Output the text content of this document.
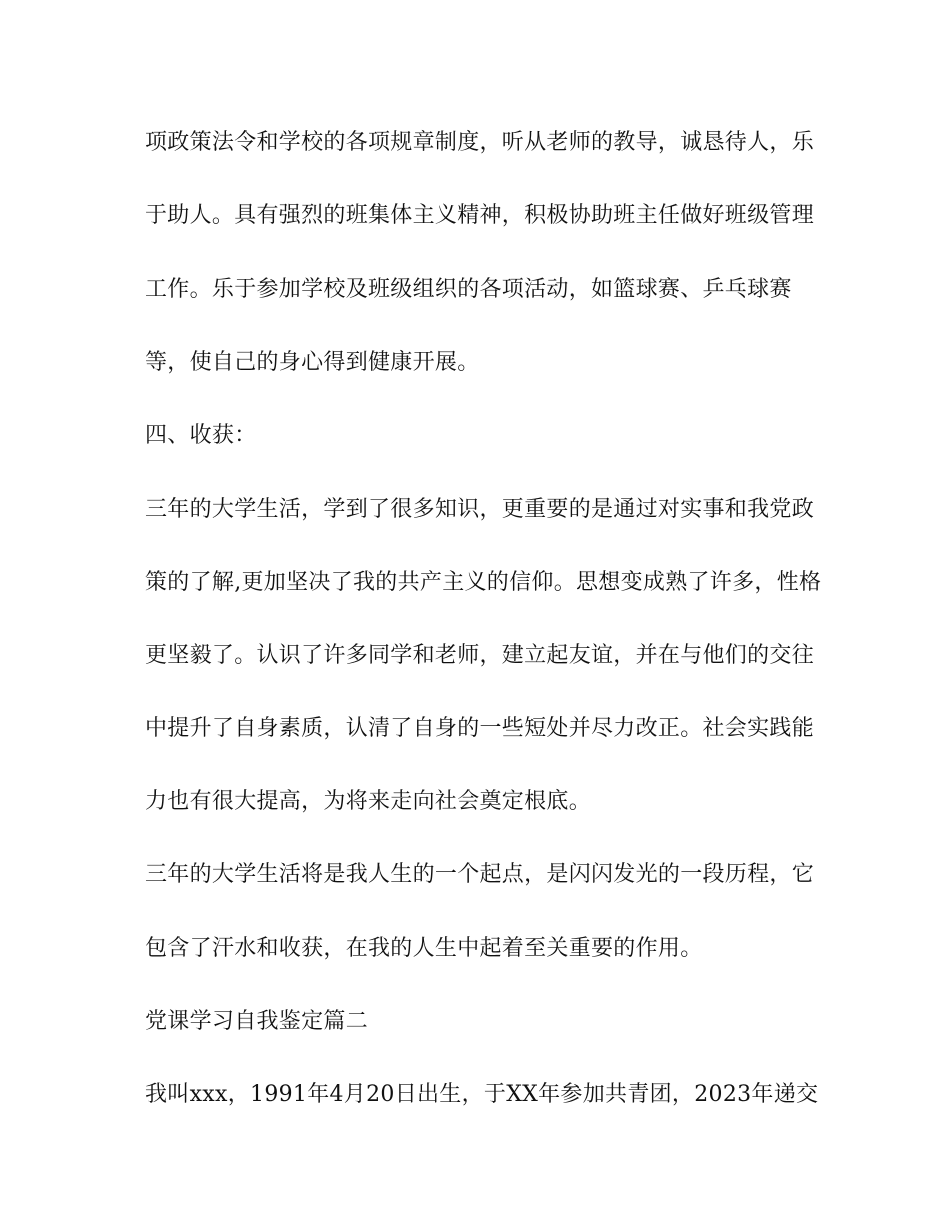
项政策法令和学校的各项规章制度，听从老师的教导，诚恳待人，乐
于助人。具有强烈的班集体主义精神，积极协助班主任做好班级管理
工作。乐于参加学校及班级组织的各项活动，如篮球赛、乒乓球赛
等，使自己的身心得到健康开展。
四、收获：
三年的大学生活，学到了很多知识，更重要的是通过对实事和我党政
策的了解,更加坚决了我的共产主义的信仰。思想变成熟了许多，性格
更坚毅了。认识了许多同学和老师，建立起友谊，并在与他们的交往
中提升了自身素质，认清了自身的一些短处并尽力改正。社会实践能
力也有很大提高，为将来走向社会奠定根底。
三年的大学生活将是我人生的一个起点，是闪闪发光的一段历程，它
包含了汗水和收获，在我的人生中起着至关重要的作用。
党课学习自我鉴定篇二
我叫xxx，1991年4月20日出生，于XX年参加共青团，2023年递交
